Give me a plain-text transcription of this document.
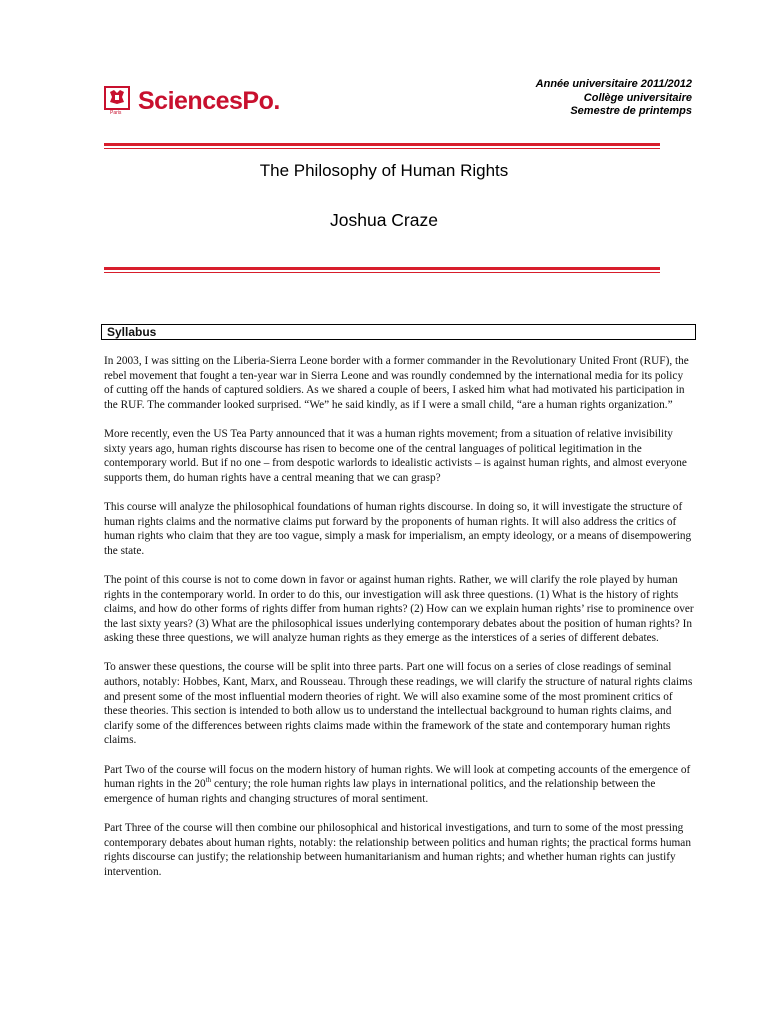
Paris SciencesPo.
Année universitaire 2011/2012
Collège universitaire
Semestre de printemps
The Philosophy of Human Rights
Joshua Craze
Syllabus

In 2003, I was sitting on the Liberia-Sierra Leone border with a former commander in the Revolutionary United Front (RUF), the rebel movement that fought a ten-year war in Sierra Leone and was roundly condemned by the international media for its policy of cutting off the hands of captured soldiers. As we shared a couple of beers, I asked him what had motivated his participation in the RUF. The commander looked surprised. “We” he said kindly, as if I were a small child, “are a human rights organization.”

More recently, even the US Tea Party announced that it was a human rights movement; from a situation of relative invisibility sixty years ago, human rights discourse has risen to become one of the central languages of political legitimation in the contemporary world. But if no one – from despotic warlords to idealistic activists – is against human rights, and almost everyone supports them, do human rights have a central meaning that we can grasp?

This course will analyze the philosophical foundations of human rights discourse. In doing so, it will investigate the structure of human rights claims and the normative claims put forward by the proponents of human rights. It will also address the critics of human rights who claim that they are too vague, simply a mask for imperialism, an empty ideology, or a means of disempowering the state.

The point of this course is not to come down in favor or against human rights. Rather, we will clarify the role played by human rights in the contemporary world. In order to do this, our investigation will ask three questions. (1) What is the history of rights claims, and how do other forms of rights differ from human rights? (2) How can we explain human rights’ rise to prominence over the last sixty years? (3) What are the philosophical issues underlying contemporary debates about the position of human rights? In asking these three questions, we will analyze human rights as they emerge as the interstices of a series of different debates.

To answer these questions, the course will be split into three parts. Part one will focus on a series of close readings of seminal authors, notably: Hobbes, Kant, Marx, and Rousseau. Through these readings, we will clarify the structure of natural rights claims and present some of the most influential modern theories of right. We will also examine some of the most prominent critics of these theories. This section is intended to both allow us to understand the intellectual background to human rights claims, and clarify some of the differences between rights claims made within the framework of the state and contemporary human rights claims.

Part Two of the course will focus on the modern history of human rights. We will look at competing accounts of the emergence of human rights in the 20th century; the role human rights law plays in international politics, and the relationship between the emergence of human rights and changing structures of moral sentiment.

Part Three of the course will then combine our philosophical and historical investigations, and turn to some of the most pressing contemporary debates about human rights, notably: the relationship between politics and human rights; the practical forms human rights discourse can justify; the relationship between humanitarianism and human rights; and whether human rights can justify intervention.
